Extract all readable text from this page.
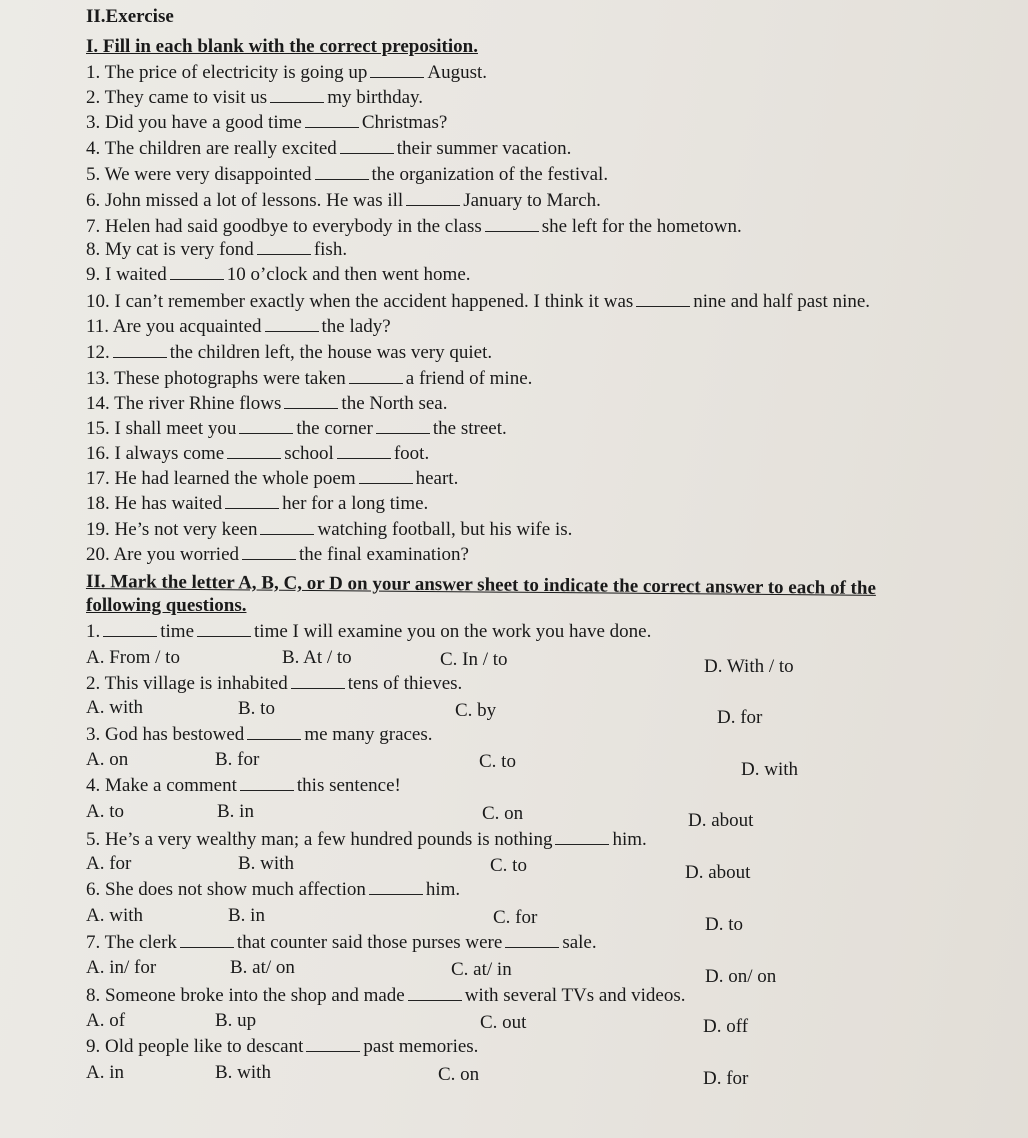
II.Exercise
I. Fill in each blank with the correct preposition.
1. The price of electricity is going up	August.
2. They came to visit us	my birthday.
3. Did you have a good time	Christmas?
4. The children are really excited	their summer vacation.
5. We were very disappointed	the organization of the festival.
6. John missed a lot of lessons. He was ill	January to March.
7. Helen had said goodbye to everybody in the class	she left for the hometown.
8. My cat is very fond	fish.
9. I waited	10 o’clock and then went home.
10. I can’t remember exactly when the accident happened. I think it was	nine and half past nine.
11. Are you acquainted	the lady?
12.	the children left, the house was very quiet.
13. These photographs were taken	a friend of mine.
14. The river Rhine flows	the North sea.
15. I shall meet you	the corner	the street.
16. I always come	school	foot.
17. He had learned the whole poem	heart.
18. He has waited	her for a long time.
19. He’s not very keen	watching football, but his wife is.
20. Are you worried	the final examination?
II. Mark the letter A, B, C, or D on your answer sheet to indicate the correct answer to each of the
following questions.
1.	time	time I will examine you on the work you have done.
A. From / to	B. At / to	C. In / to	D. With / to
2. This village is inhabited	tens of thieves.
A. with	B. to	C. by	D. for
3. God has bestowed	me many graces.
A. on	B. for	C. to	D. with
4. Make a comment	this sentence!
A. to	B. in	C. on	D. about
5. He’s a very wealthy man; a few hundred pounds is nothing	him.
A. for	B. with	C. to	D. about
6. She does not show much affection	him.
A. with	B. in	C. for	D. to
7. The clerk	that counter said those purses were	sale.
A. in/ for	B. at/ on	C. at/ in	D. on/ on
8. Someone broke into the shop and made	with several TVs and videos.
A. of	B. up	C. out	D. off
9. Old people like to descant	past memories.
A. in	B. with	C. on	D. for
